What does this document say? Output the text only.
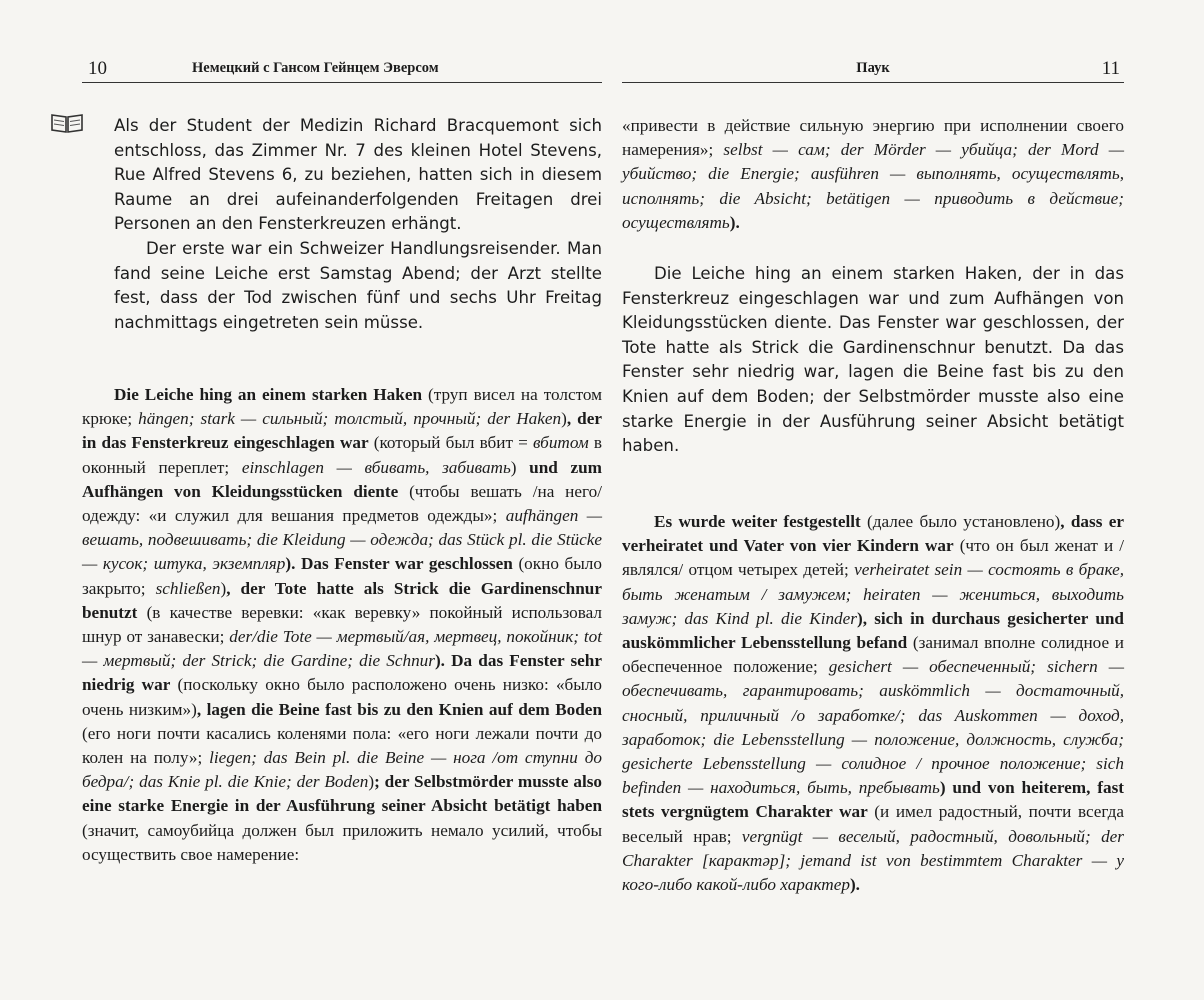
10	Немецкий с Гансом Гейнцем Эверсом

Als der Student der Medizin Richard Bracquemont sich entschloss, das Zimmer Nr. 7 des kleinen Hotel Stevens, Rue Alfred Stevens 6, zu beziehen, hatten sich in diesem Raume an drei aufeinanderfolgenden Freitagen drei Personen an den Fensterkreuzen erhängt.

Der erste war ein Schweizer Handlungsreisender. Man fand seine Leiche erst Samstag Abend; der Arzt stellte fest, dass der Tod zwischen fünf und sechs Uhr Freitag nachmittags eingetreten sein müsse.

Die Leiche hing an einem starken Haken (труп висел на толстом крюке; hängen; stark — сильный; толстый, прочный; der Haken), der in das Fensterkreuz eingeschlagen war (который был вбит = вбитом в оконный переплет; einschlagen — вбивать, забивать) und zum Aufhängen von Kleidungsstücken diente (чтобы вешать /на него/ одежду: «и служил для вешания предметов одежды»; aufhängen — вешать, подвешивать; die Kleidung — одежда; das Stück pl. die Stücke — кусок; штука, экземпляр). Das Fenster war geschlossen (окно было закрыто; schließen), der Tote hatte als Strick die Gardinenschnur benutzt (в качестве веревки: «как веревку» покойный использовал шнур от занавески; der/die Tote — мертвый/ая, мертвец, покойник; tot — мертвый; der Strick; die Gardine; die Schnur). Da das Fenster sehr niedrig war (поскольку окно было расположено очень низко: «было очень низким»), lagen die Beine fast bis zu den Knien auf dem Boden (его ноги почти касались коленями пола: «его ноги лежали почти до колен на полу»; liegen; das Bein pl. die Beine — нога /от ступни до бедра/; das Knie pl. die Knie; der Boden); der Selbstmörder musste also eine starke Energie in der Ausführung seiner Absicht betätigt haben (значит, самоубийца должен был приложить немало усилий, чтобы осуществить свое намерение:
Паук	11
«привести в действие сильную энергию при исполнении своего намерения»; selbst — сам; der Mörder — убийца; der Mord — убийство; die Energie; ausführen — выполнять, осуществлять, исполнять; die Absicht; betätigen — приводить в действие; осуществлять).

Die Leiche hing an einem starken Haken, der in das Fensterkreuz eingeschlagen war und zum Aufhängen von Kleidungsstücken diente. Das Fenster war geschlossen, der Tote hatte als Strick die Gardinenschnur benutzt. Da das Fenster sehr niedrig war, lagen die Beine fast bis zu den Knien auf dem Boden; der Selbstmörder musste also eine starke Energie in der Ausführung seiner Absicht betätigt haben.

Es wurde weiter festgestellt (далее было установлено), dass er verheiratet und Vater von vier Kindern war (что он был женат и /являлся/ отцом четырех детей; verheiratet sein — состоять в браке, быть женатым / замужем; heiraten — жениться, выходить замуж; das Kind pl. die Kinder), sich in durchaus gesicherter und auskömmlicher Lebensstellung befand (занимал вполне солидное и обеспеченное положение; gesichert — обеспеченный; sichern — обеспечивать, гарантировать; auskömmlich — достаточный, сносный, приличный /о заработке/; das Auskommen — доход, заработок; die Lebensstellung — положение, должность, служба; gesicherte Lebensstellung — солидное / прочное положение; sich befinden — находиться, быть, пребывать) und von heiterem, fast stets vergnügtem Charakter war (и имел радостный, почти всегда веселый нрав; vergnügt — веселый, радостный, довольный; der Charakter [карактəр]; jemand ist von bestimmtem Charakter — у кого-либо какой-либо характер).
